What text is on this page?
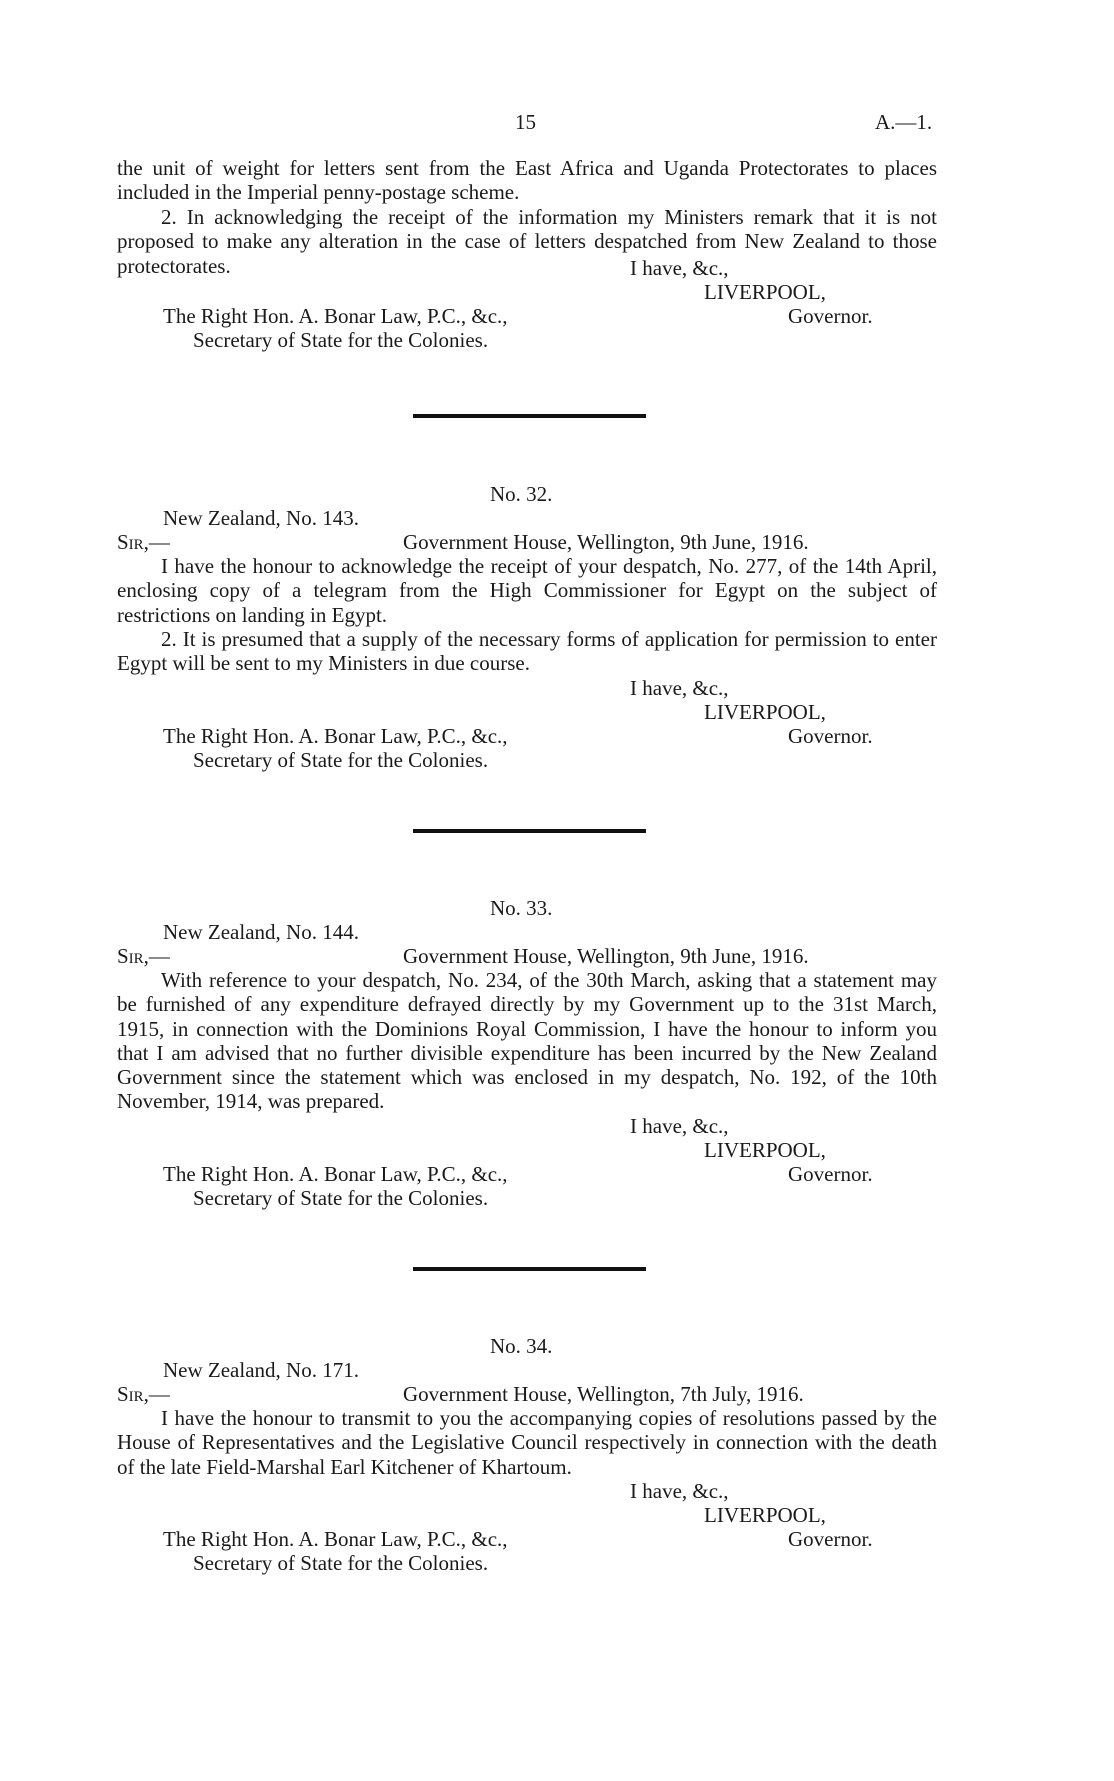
15	A.—1.
the unit of weight for letters sent from the East Africa and Uganda Protectorates to places included in the Imperial penny-postage scheme.
2. In acknowledging the receipt of the information my Ministers remark that it is not proposed to make any alteration in the case of letters despatched from New Zealand to those protectorates.	I have, &c.,
LIVERPOOL,
The Right Hon. A. Bonar Law, P.C., &c.,	Governor.
Secretary of State for the Colonies.
No. 32.
New Zealand, No. 143.
Sir,—	Government House, Wellington, 9th June, 1916.
I have the honour to acknowledge the receipt of your despatch, No. 277, of the 14th April, enclosing copy of a telegram from the High Commissioner for Egypt on the subject of restrictions on landing in Egypt.
2. It is presumed that a supply of the necessary forms of application for permission to enter Egypt will be sent to my Ministers in due course.
I have, &c.,
LIVERPOOL,
The Right Hon. A. Bonar Law, P.C., &c.,	Governor.
Secretary of State for the Colonies.
No. 33.
New Zealand, No. 144.
Sir,—	Government House, Wellington, 9th June, 1916.
With reference to your despatch, No. 234, of the 30th March, asking that a statement may be furnished of any expenditure defrayed directly by my Government up to the 31st March, 1915, in connection with the Dominions Royal Commission, I have the honour to inform you that I am advised that no further divisible expenditure has been incurred by the New Zealand Government since the statement which was enclosed in my despatch, No. 192, of the 10th November, 1914, was prepared.
I have, &c.,
LIVERPOOL,
The Right Hon. A. Bonar Law, P.C., &c.,	Governor.
Secretary of State for the Colonies.
No. 34.
New Zealand, No. 171.
Sir,—	Government House, Wellington, 7th July, 1916.
I have the honour to transmit to you the accompanying copies of resolutions passed by the House of Representatives and the Legislative Council respectively in connection with the death of the late Field-Marshal Earl Kitchener of Khartoum.
I have, &c.,
LIVERPOOL,
The Right Hon. A. Bonar Law, P.C., &c.,	Governor.
Secretary of State for the Colonies.
